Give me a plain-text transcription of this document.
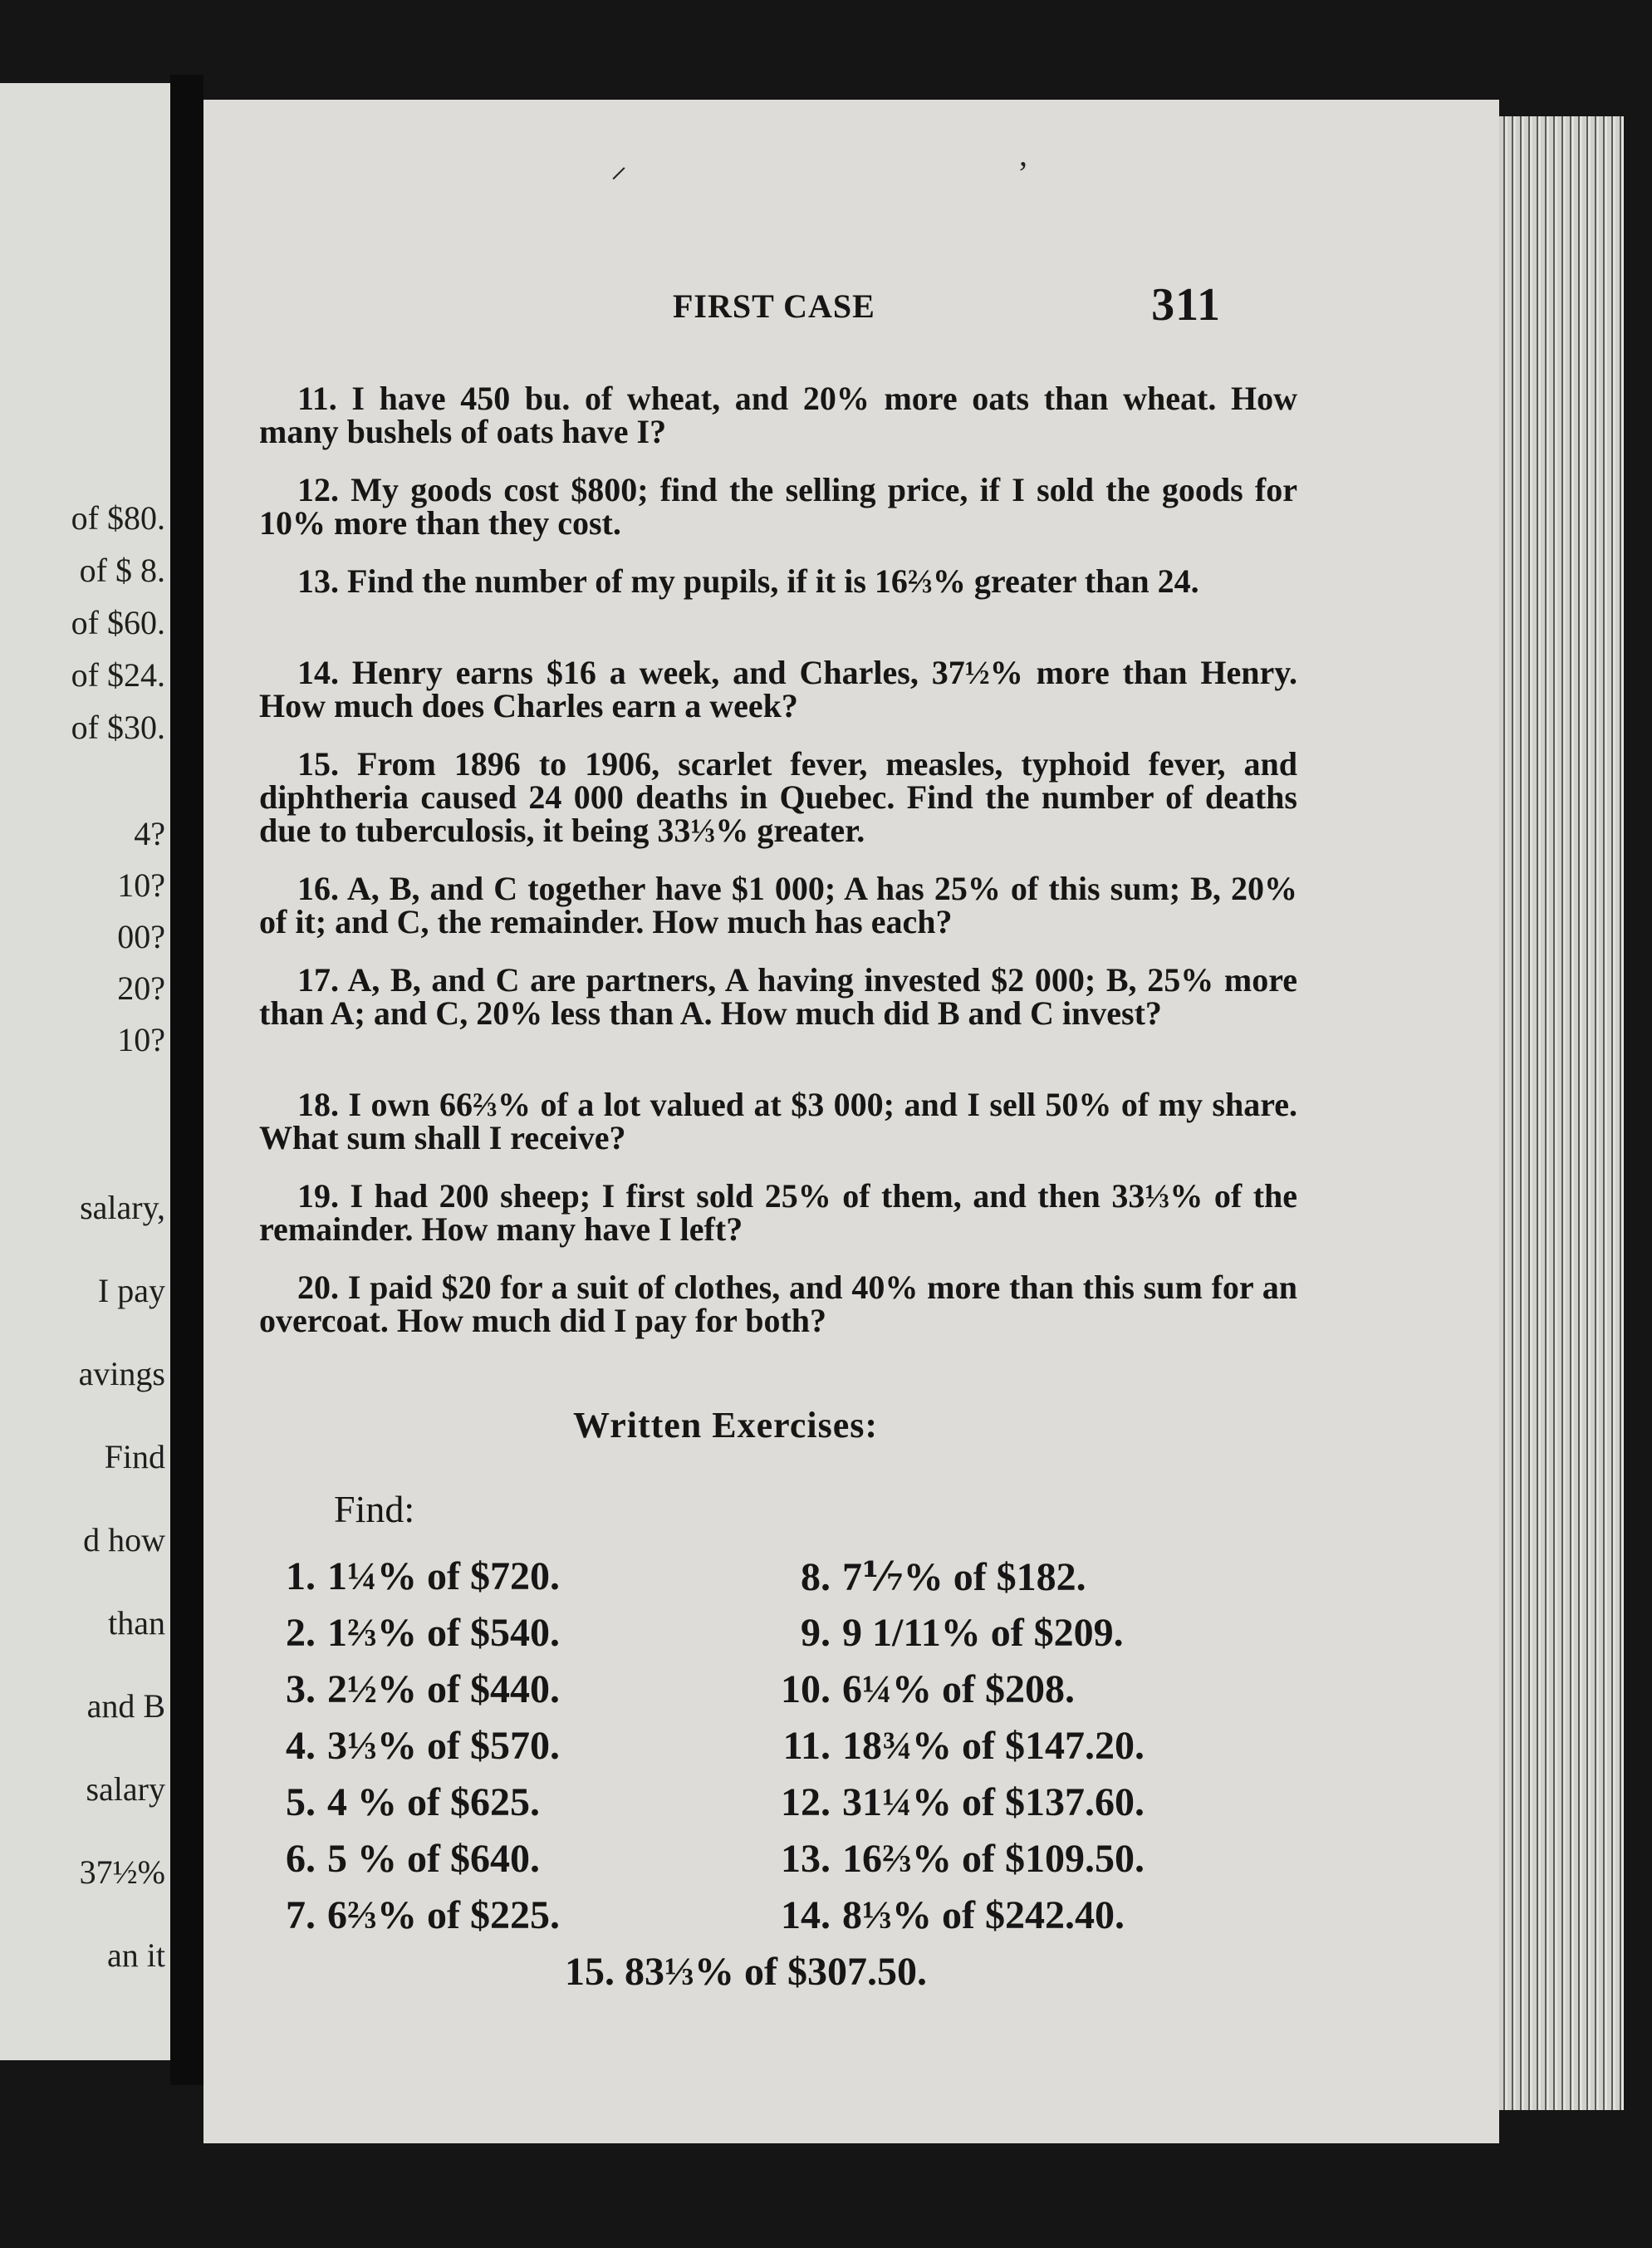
of $80.
of $ 8.
of $60.
of $24.
of $30.
4?
10?
00?
20?
10?
salary,
I pay
avings
Find
d how
than
and B
salary
37½%
an it
⸝	ʼ
FIRST CASE	311
11. I have 450 bu. of wheat, and 20% more oats than wheat. How many bushels of oats have I?
12. My goods cost $800; find the selling price, if I sold the goods for 10% more than they cost.
13. Find the number of my pupils, if it is 16⅔% greater than 24.
14. Henry earns $16 a week, and Charles, 37½% more than Henry. How much does Charles earn a week?
15. From 1896 to 1906, scarlet fever, measles, typhoid fever, and diphtheria caused 24 000 deaths in Quebec. Find the number of deaths due to tuberculosis, it being 33⅓% greater.
16. A, B, and C together have $1 000; A has 25% of this sum; B, 20% of it; and C, the remainder. How much has each?
17. A, B, and C are partners, A having invested $2 000; B, 25% more than A; and C, 20% less than A. How much did B and C invest?
18. I own 66⅔% of a lot valued at $3 000; and I sell 50% of my share. What sum shall I receive?
19. I had 200 sheep; I first sold 25% of them, and then 33⅓% of the remainder. How many have I left?
20. I paid $20 for a suit of clothes, and 40% more than this sum for an overcoat. How much did I pay for both?
Written Exercises:
Find:
1. 1¼% of $720.
2. 1⅔% of $540.
3. 2½% of $440.
4. 3⅓% of $570.
5. 4 % of $625.
6. 5 % of $640.
7. 6⅔% of $225.
8. 7⅐% of $182.
9. 9 1/11% of $209.
10. 6¼% of $208.
11. 18¾% of $147.20.
12. 31¼% of $137.60.
13. 16⅔% of $109.50.
14. 8⅓% of $242.40.
15. 83⅓% of $307.50.
